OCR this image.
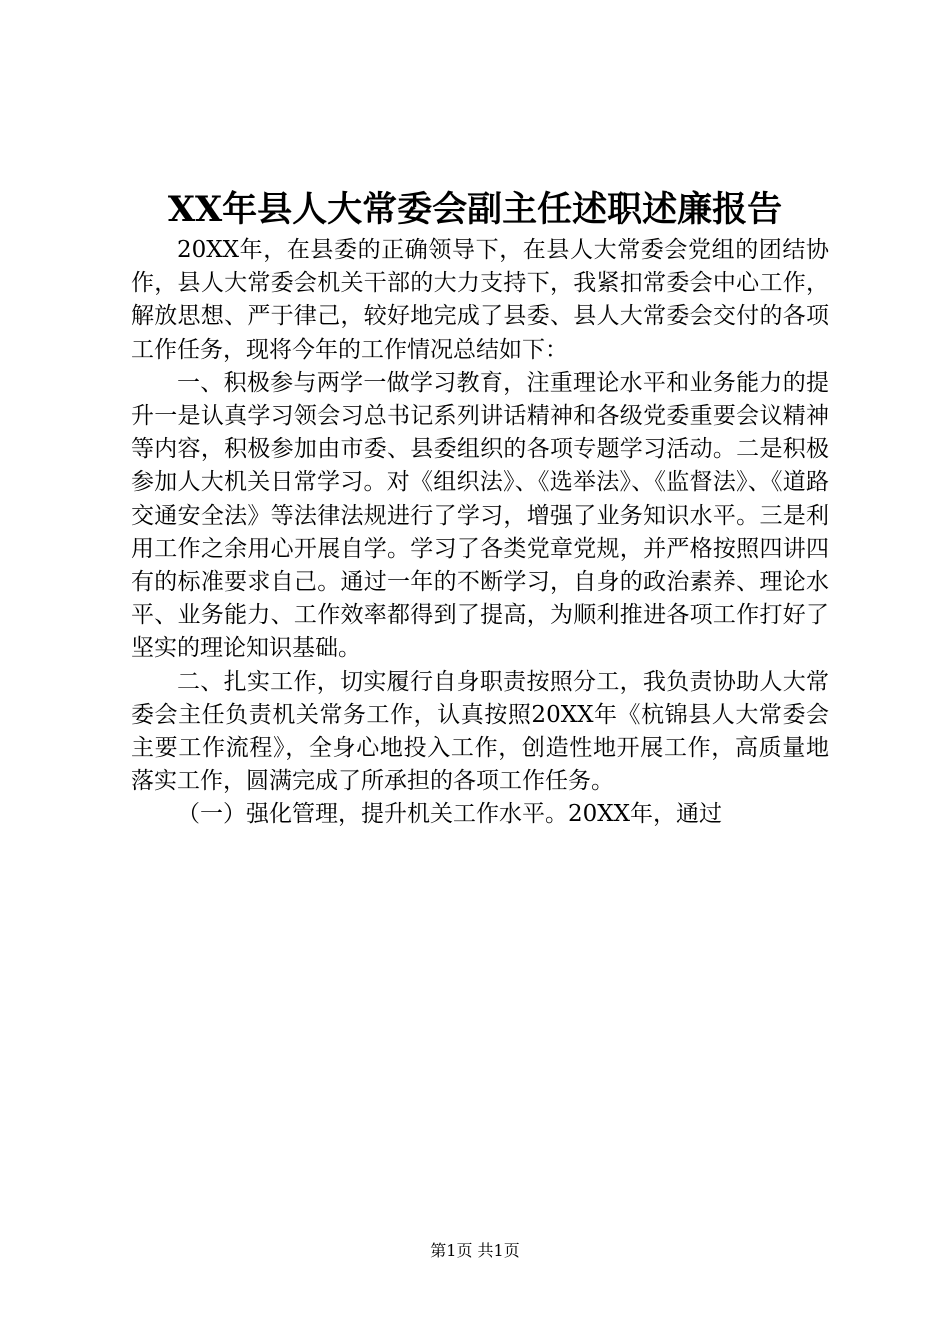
XX年县人大常委会副主任述职述廉报告

20XX年，在县委的正确领导下，在县人大常委会党组的团结协作，县人大常委会机关干部的大力支持下，我紧扣常委会中心工作，解放思想、严于律己，较好地完成了县委、县人大常委会交付的各项工作任务，现将今年的工作情况总结如下：

一、积极参与两学一做学习教育，注重理论水平和业务能力的提升一是认真学习领会习总书记系列讲话精神和各级党委重要会议精神等内容，积极参加由市委、县委组织的各项专题学习活动。二是积极参加人大机关日常学习。对《组织法》、《选举法》、《监督法》、《道路交通安全法》等法律法规进行了学习，增强了业务知识水平。三是利用工作之余用心开展自学。学习了各类党章党规，并严格按照四讲四有的标准要求自己。通过一年的不断学习，自身的政治素养、理论水平、业务能力、工作效率都得到了提高，为顺利推进各项工作打好了坚实的理论知识基础。

二、扎实工作，切实履行自身职责按照分工，我负责协助人大常委会主任负责机关常务工作，认真按照20XX年《杭锦县人大常委会主要工作流程》，全身心地投入工作，创造性地开展工作，高质量地落实工作，圆满完成了所承担的各项工作任务。

（一）强化管理，提升机关工作水平。20XX年，通过

第1页 共1页
